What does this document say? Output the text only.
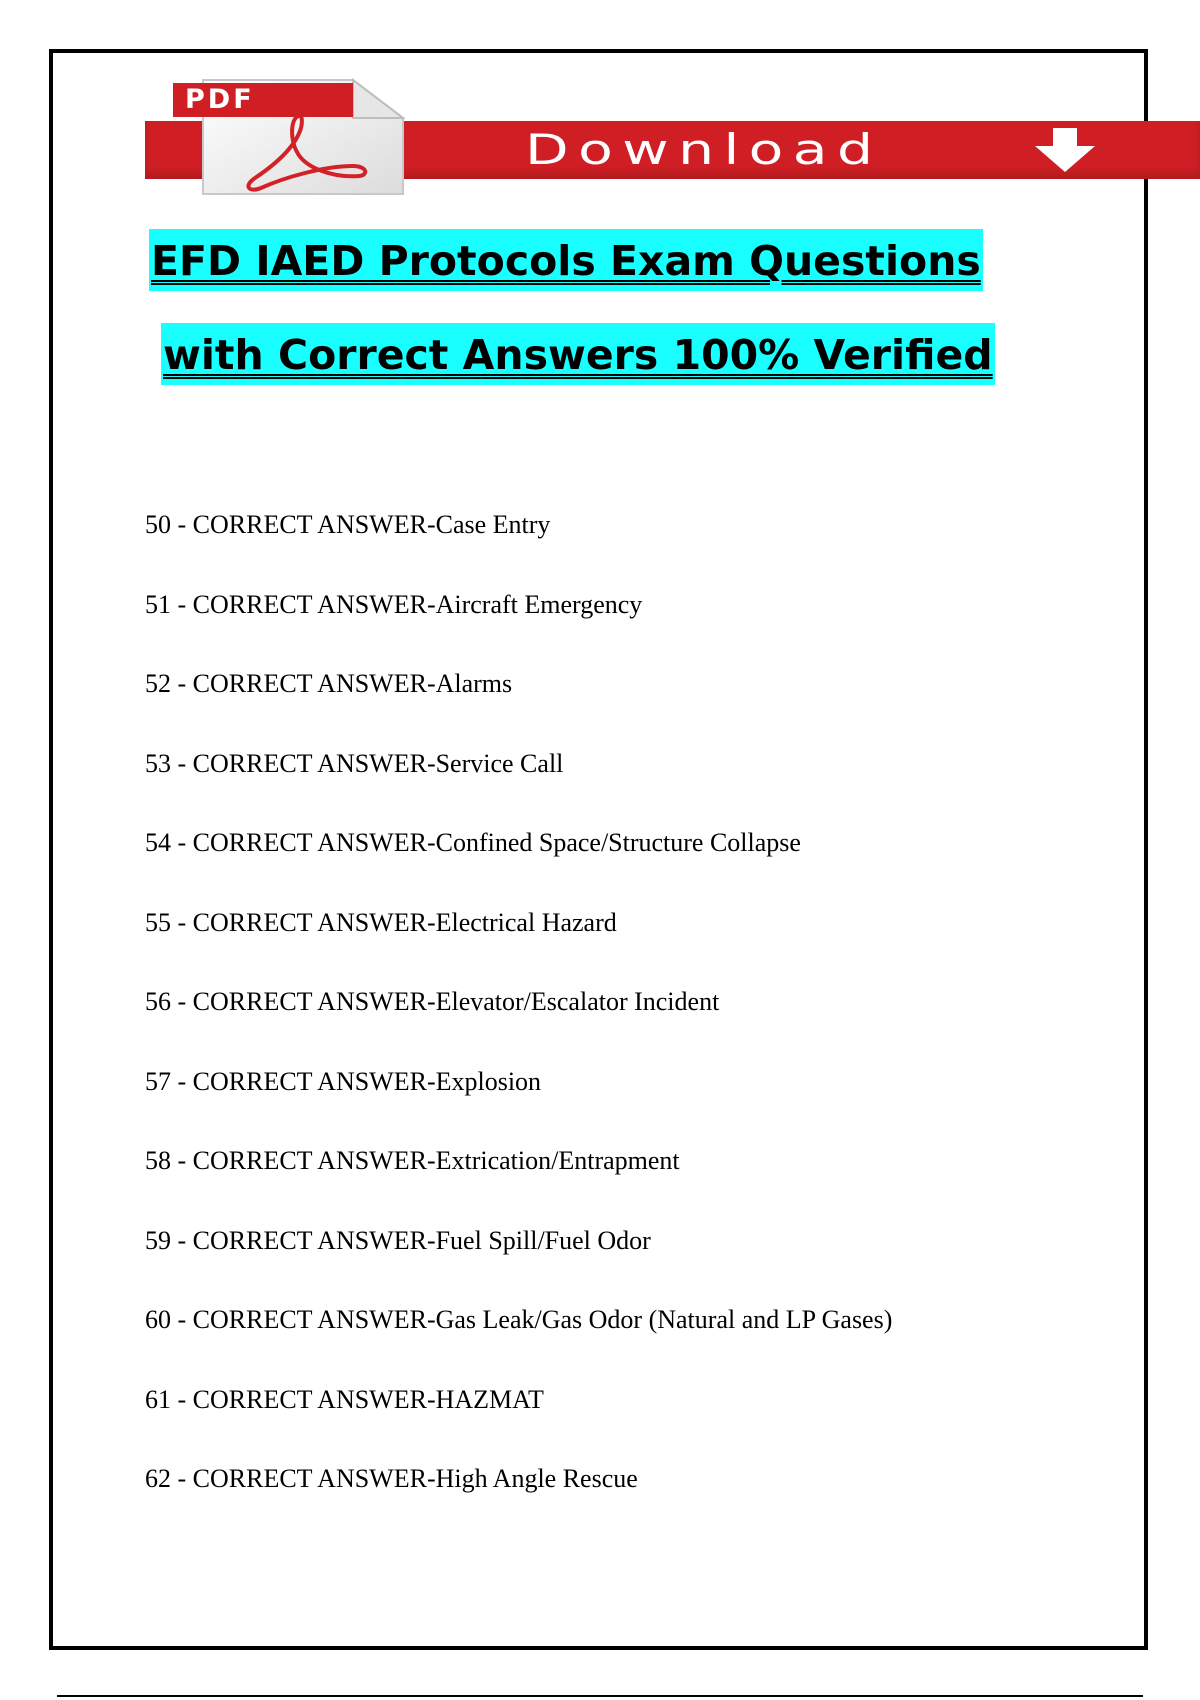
Download
PDF
EFD IAED Protocols Exam Questions
with Correct Answers 100% Verified
50 - CORRECT ANSWER-Case Entry
51 - CORRECT ANSWER-Aircraft Emergency
52 - CORRECT ANSWER-Alarms
53 - CORRECT ANSWER-Service Call
54 - CORRECT ANSWER-Confined Space/Structure Collapse
55 - CORRECT ANSWER-Electrical Hazard
56 - CORRECT ANSWER-Elevator/Escalator Incident
57 - CORRECT ANSWER-Explosion
58 - CORRECT ANSWER-Extrication/Entrapment
59 - CORRECT ANSWER-Fuel Spill/Fuel Odor
60 - CORRECT ANSWER-Gas Leak/Gas Odor (Natural and LP Gases)
61 - CORRECT ANSWER-HAZMAT
62 - CORRECT ANSWER-High Angle Rescue
